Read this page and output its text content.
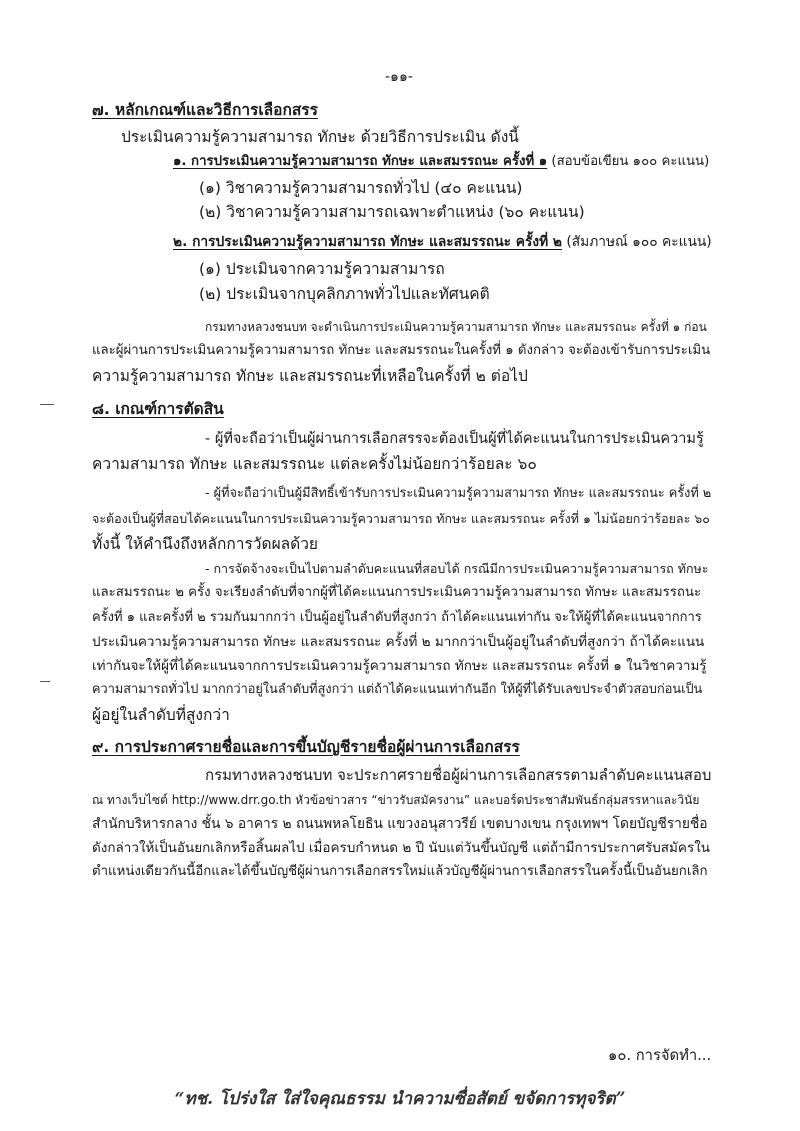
-๑๑-
๗. หลักเกณฑ์และวิธีการเลือกสรร
ประเมินความรู้ความสามารถ ทักษะ ด้วยวิธีการประเมิน ดังนี้
๑. การประเมินความรู้ความสามารถ ทักษะ และสมรรถนะ ครั้งที่ ๑ (สอบข้อเขียน ๑๐๐ คะแนน)
(๑) วิชาความรู้ความสามารถทั่วไป (๔๐ คะแนน)
(๒) วิชาความรู้ความสามารถเฉพาะตำแหน่ง (๖๐ คะแนน)
๒. การประเมินความรู้ความสามารถ ทักษะ และสมรรถนะ ครั้งที่ ๒ (สัมภาษณ์ ๑๐๐ คะแนน)
(๑) ประเมินจากความรู้ความสามารถ
(๒) ประเมินจากบุคลิกภาพทั่วไปและทัศนคติ
กรมทางหลวงชนบท จะดำเนินการประเมินความรู้ความสามารถ ทักษะ และสมรรถนะ ครั้งที่ ๑ ก่อน
และผู้ผ่านการประเมินความรู้ความสามารถ ทักษะ และสมรรถนะในครั้งที่ ๑ ดังกล่าว จะต้องเข้ารับการประเมิน
ความรู้ความสามารถ ทักษะ และสมรรถนะที่เหลือในครั้งที่ ๒ ต่อไป
๘. เกณฑ์การตัดสิน
- ผู้ที่จะถือว่าเป็นผู้ผ่านการเลือกสรรจะต้องเป็นผู้ที่ได้คะแนนในการประเมินความรู้
ความสามารถ ทักษะ และสมรรถนะ แต่ละครั้งไม่น้อยกว่าร้อยละ ๖๐
- ผู้ที่จะถือว่าเป็นผู้มีสิทธิ์เข้ารับการประเมินความรู้ความสามารถ ทักษะ และสมรรถนะ ครั้งที่ ๒
จะต้องเป็นผู้ที่สอบได้คะแนนในการประเมินความรู้ความสามารถ ทักษะ และสมรรถนะ ครั้งที่ ๑ ไม่น้อยกว่าร้อยละ ๖๐
ทั้งนี้ ให้คำนึงถึงหลักการวัดผลด้วย
- การจัดจ้างจะเป็นไปตามลำดับคะแนนที่สอบได้ กรณีมีการประเมินความรู้ความสามารถ ทักษะ
และสมรรถนะ ๒ ครั้ง จะเรียงลำดับที่จากผู้ที่ได้คะแนนการประเมินความรู้ความสามารถ ทักษะ และสมรรถนะ
ครั้งที่ ๑ และครั้งที่ ๒ รวมกันมากกว่า เป็นผู้อยู่ในลำดับที่สูงกว่า ถ้าได้คะแนนเท่ากัน จะให้ผู้ที่ได้คะแนนจากการ
ประเมินความรู้ความสามารถ ทักษะ และสมรรถนะ ครั้งที่ ๒ มากกว่าเป็นผู้อยู่ในลำดับที่สูงกว่า ถ้าได้คะแนน
เท่ากันจะให้ผู้ที่ได้คะแนนจากการประเมินความรู้ความสามารถ ทักษะ และสมรรถนะ ครั้งที่ ๑ ในวิชาความรู้
ความสามารถทั่วไป มากกว่าอยู่ในลำดับที่สูงกว่า แต่ถ้าได้คะแนนเท่ากันอีก ให้ผู้ที่ได้รับเลขประจำตัวสอบก่อนเป็น
ผู้อยู่ในลำดับที่สูงกว่า
๙. การประกาศรายชื่อและการขึ้นบัญชีรายชื่อผู้ผ่านการเลือกสรร
กรมทางหลวงชนบท จะประกาศรายชื่อผู้ผ่านการเลือกสรรตามลำดับคะแนนสอบ
ณ ทางเว็บไซต์ http://www.drr.go.th หัวข้อข่าวสาร “ข่าวรับสมัครงาน” และบอร์ดประชาสัมพันธ์กลุ่มสรรหาและวินัย
สำนักบริหารกลาง ชั้น ๖ อาคาร ๒ ถนนพหลโยธิน แขวงอนุสาวรีย์ เขตบางเขน กรุงเทพฯ โดยบัญชีรายชื่อ
ดังกล่าวให้เป็นอันยกเลิกหรือสิ้นผลไป เมื่อครบกำหนด ๒ ปี นับแต่วันขึ้นบัญชี แต่ถ้ามีการประกาศรับสมัครใน
ตำแหน่งเดียวกันนี้อีกและได้ขึ้นบัญชีผู้ผ่านการเลือกสรรใหม่แล้วบัญชีผู้ผ่านการเลือกสรรในครั้งนี้เป็นอันยกเลิก
๑๐. การจัดทำ...
“ทช. โปร่งใส ใส่ใจคุณธรรม นำความซื่อสัตย์ ขจัดการทุจริต”
